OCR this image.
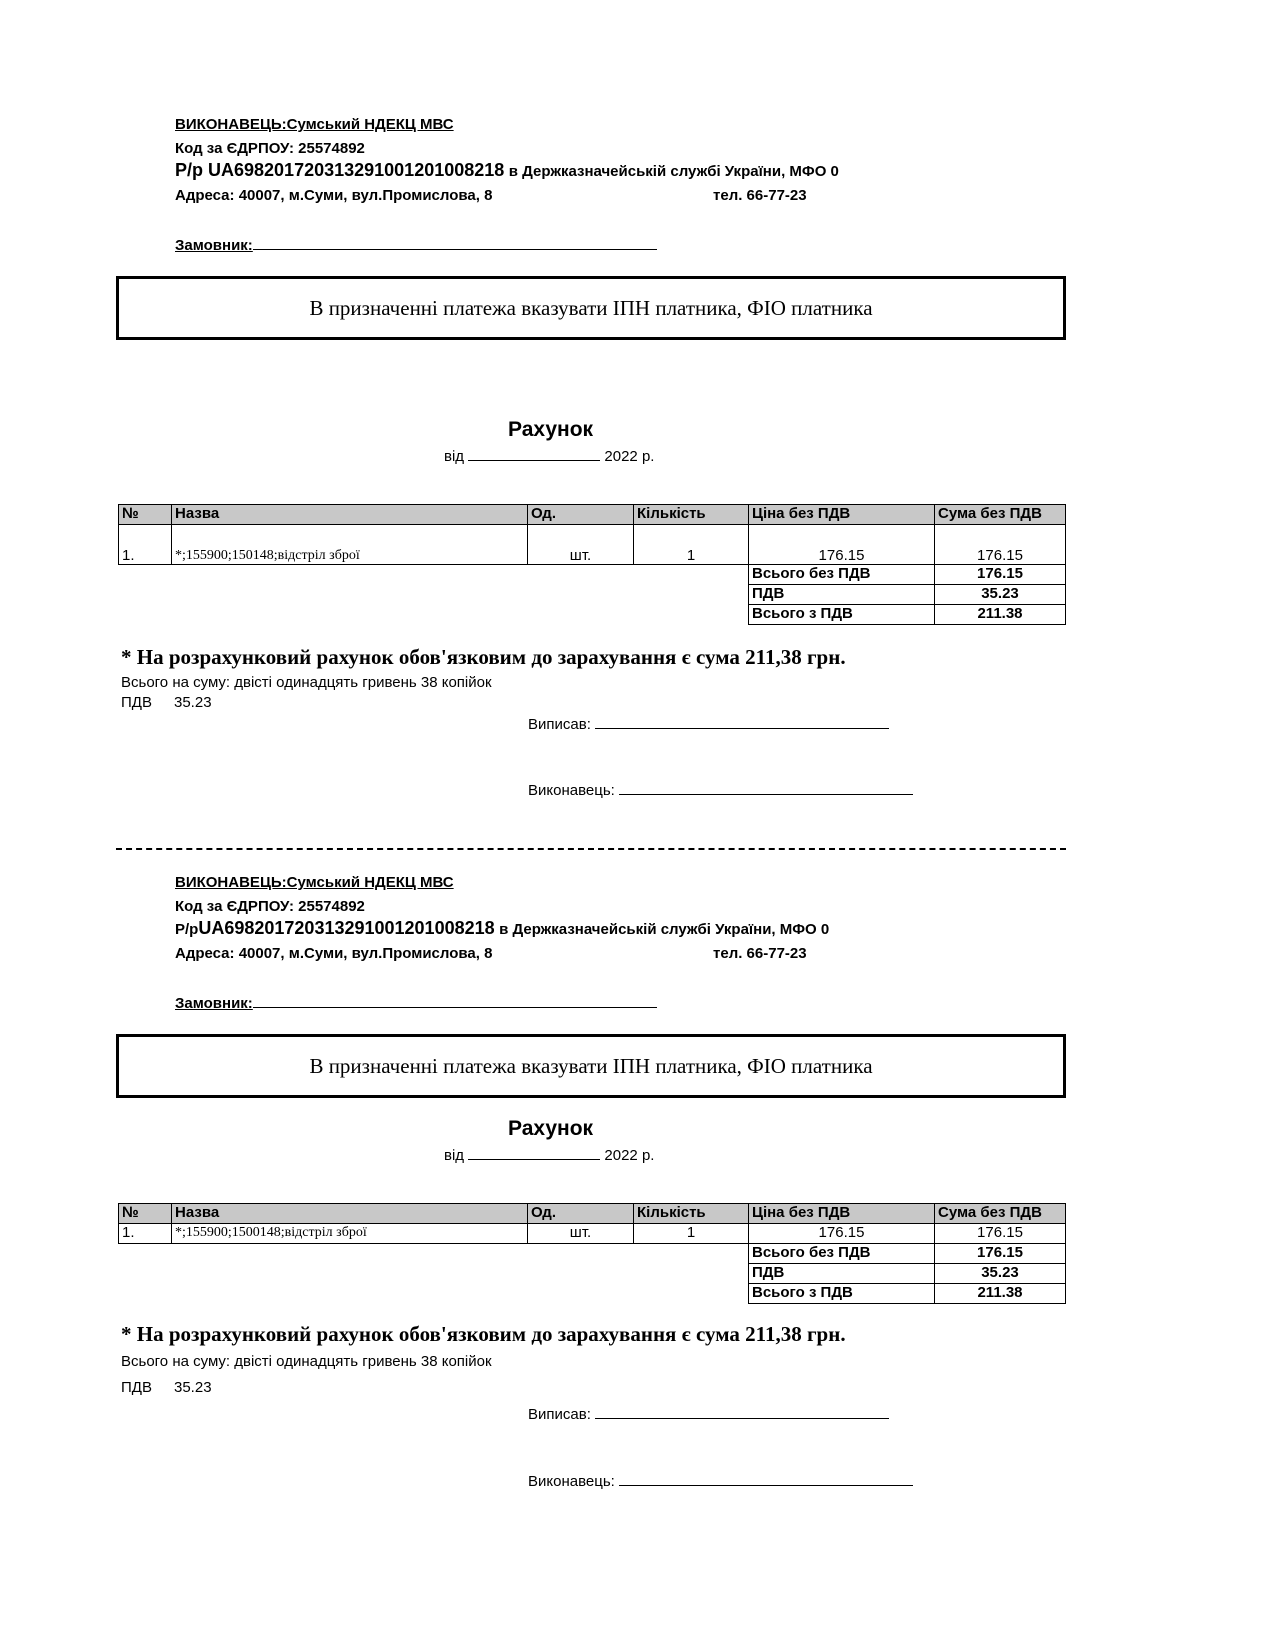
ВИКОНАВЕЦЬ:Сумський НДЕКЦ МВС
Код за ЄДРПОУ: 25574892
Р/р UA698201720313291001201008218 в Держказначейській службі України, МФО 0
Адреса: 40007, м.Суми, вул.Промислова, 8	тел. 66-77-23
Замовник:
В призначенні платежа вказувати ІПН платника, ФІО платника
Рахунок
від	2022 р.
№	Назва	Од.	Кількість	Ціна без ПДВ	Сума без ПДВ
1.	*;155900;150148;відстріл зброї	шт.	1	176.15	176.15
Всього без ПДВ	176.15
ПДВ	35.23
Всього з ПДВ	211.38
* На розрахунковий рахунок обов'язковим до зарахування є сума 211,38 грн.
Всього на суму: двісті одинадцять гривень 38 копійок
ПДВ 35.23
Виписав:
Виконавець:
ВИКОНАВЕЦЬ:Сумський НДЕКЦ МВС
Код за ЄДРПОУ: 25574892
Р/рUA698201720313291001201008218 в Держказначейській службі України, МФО 0
Адреса: 40007, м.Суми, вул.Промислова, 8	тел. 66-77-23
Замовник:
В призначенні платежа вказувати ІПН платника, ФІО платника
Рахунок
від	2022 р.
№	Назва	Од.	Кількість	Ціна без ПДВ	Сума без ПДВ
1.	*;155900;1500148;відстріл зброї	шт.	1	176.15	176.15
Всього без ПДВ	176.15
ПДВ	35.23
Всього з ПДВ	211.38
* На розрахунковий рахунок обов'язковим до зарахування є сума 211,38 грн.
Всього на суму: двісті одинадцять гривень 38 копійок
ПДВ 35.23
Виписав:
Виконавець:
